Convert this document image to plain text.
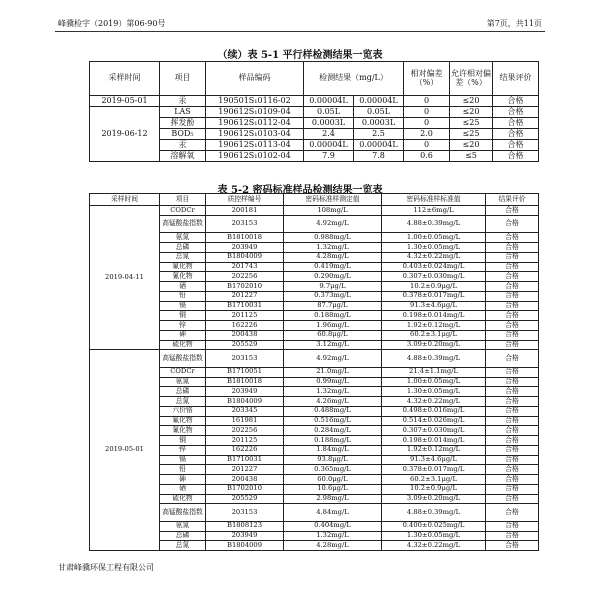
峰骥检字（2019）第06-90号	第7页，共11页
（续）表 5-1 平行样检测结果一览表
采样时间	项目	样品编码	检测结果（mg/L）		相对偏差（%）	允许相对偏差（%）	结果评价
2019-05-01	汞	190501S₁0116-02	0.00004L	0.00004L	0	≤20	合格
2019-06-12	LAS	190612S₁0109-04	0.05L	0.05L	0	≤20	合格
	挥发酚	190612S₁0112-04	0.0003L	0.0003L	0	≤25	合格
	BOD₅	190612S₁0103-04	2.4	2.5	2.0	≤25	合格
	汞	190612S₁0113-04	0.00004L	0.00004L	0	≤20	合格
	溶解氧	190612S₁0102-04	7.9	7.8	0.6	≤5	合格
表 5-2 密码标准样品检测结果一览表
采样时间	项目	质控样编号	密码标准样测定值	密码标准样标准值	结果评价
2019-04-11	CODCr	200181	108mg/L	112±6mg/L	合格
	高锰酸盐指数	203153	4.92mg/L	4.88±0.39mg/L	合格
	氨氮	B1810018	0.988mg/L	1.00±0.05mg/L	合格
	总磷	203949	1.32mg/L	1.30±0.05mg/L	合格
	总氮	B1804009	4.28mg/L	4.32±0.22mg/L	合格
	氟化物	201743	0.419mg/L	0.403±0.024mg/L	合格
	氰化物	202256	0.290mg/L	0.307±0.030mg/L	合格
	硒	B1702010	9.7μg/L	10.2±0.9μg/L	合格
	铅	201227	0.373mg/L	0.378±0.017mg/L	合格
	镉	B1710031	87.7μg/L	91.3±4.6μg/L	合格
	铜	201125	0.188mg/L	0.198±0.014mg/L	合格
	锌	162226	1.96mg/L	1.92±0.12mg/L	合格
	砷	200438	60.8μg/L	60.2±3.1μg/L	合格
	硫化物	205529	3.12mg/L	3.09±0.20mg/L	合格
2019-05-01	高锰酸盐指数	203153	4.92mg/L	4.88±0.39mg/L	合格
	CODCr	B1710051	21.0mg/L	21.4±1.1mg/L	合格
	氨氮	B1810018	0.99mg/L	1.00±0.05mg/L	合格
	总磷	203949	1.32mg/L	1.30±0.05mg/L	合格
	总氮	B1804009	4.26mg/L	4.32±0.22mg/L	合格
	六价铬	203345	0.488mg/L	0.498±0.016mg/L	合格
	氟化物	161981	0.516mg/L	0.514±0.026mg/L	合格
	氰化物	202256	0.284mg/L	0.307±0.030mg/L	合格
	铜	201125	0.188mg/L	0.198±0.014mg/L	合格
	锌	162226	1.84mg/L	1.92±0.12mg/L	合格
	镉	B1710031	93.8μg/L	91.3±4.6μg/L	合格
	铅	201227	0.365mg/L	0.378±0.017mg/L	合格
	砷	200438	60.0μg/L	60.2±3.1μg/L	合格
	硒	B1702010	10.6μg/L	10.2±0.9μg/L	合格
	硫化物	205529	2.98mg/L	3.09±0.20mg/L	合格
	高锰酸盐指数	203153	4.84mg/L	4.88±0.39mg/L	合格
	氨氮	B1808123	0.404mg/L	0.400±0.025mg/L	合格
	总磷	203949	1.32mg/L	1.30±0.05mg/L	合格
	总氮	B1804009	4.28mg/L	4.32±0.22mg/L	合格
甘肃峰骥环保工程有限公司
